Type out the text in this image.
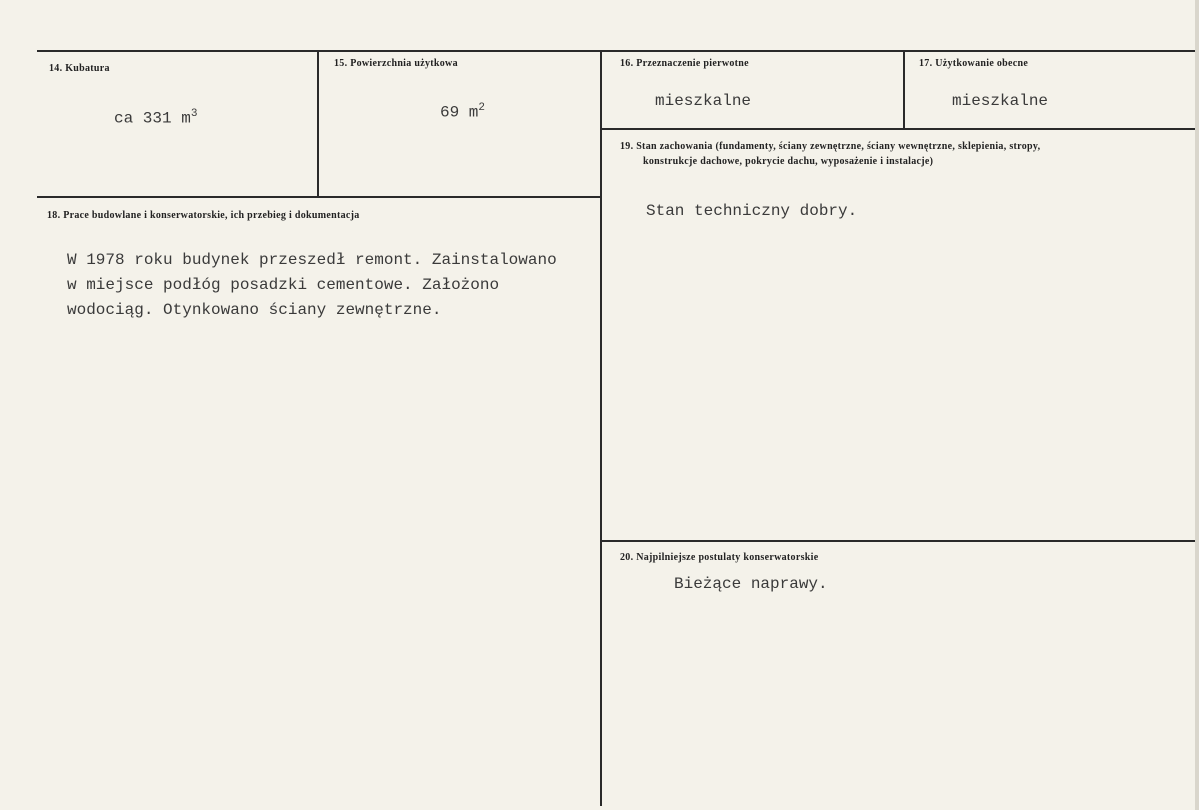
14. Kubatura
ca 331 $m^3$
15. Powierzchnia użytkowa
69 $m^2$
16. Przeznaczenie pierwotne
mieszkalne
17. Użytkowanie obecne
mieszkalne
19. Stan zachowania (fundamenty, ściany zewnętrzne, ściany wewnętrzne, sklepienia, stropy,
konstrukcje dachowe, pokrycie dachu, wyposażenie i instalacje)
Stan techniczny dobry.
18. Prace budowlane i konserwatorskie, ich przebieg i dokumentacja
W 1978 roku budynek przeszedł remont. Zainstalowano
w miejsce podłóg posadzki cementowe. Założono
wodociąg. Otynkowano ściany zewnętrzne.
20. Najpilniejsze postulaty konserwatorskie
Bieżące naprawy.
